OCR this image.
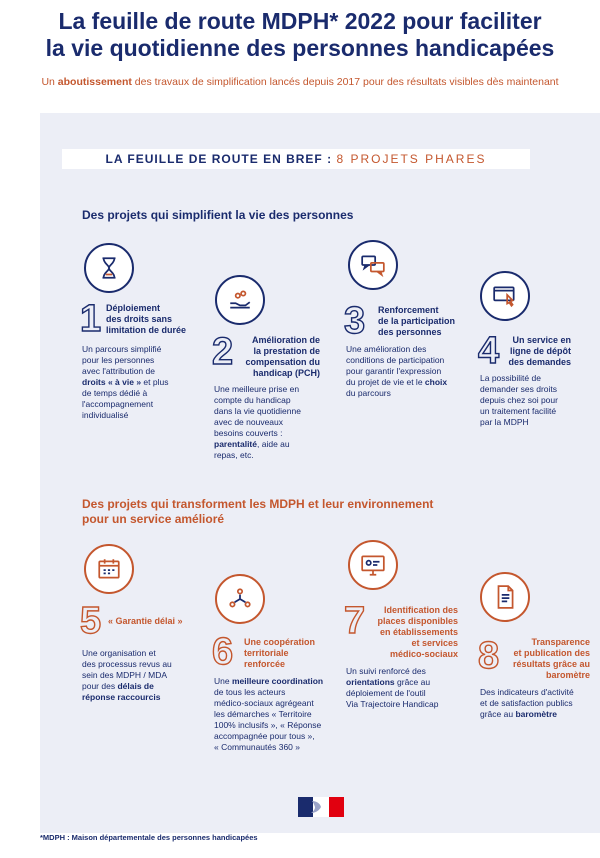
La feuille de route MDPH* 2022 pour faciliter
la vie quotidienne des personnes handicapées
Un aboutissement des travaux de simplification lancés depuis 2017 pour des résultats visibles dès maintenant
LA FEUILLE DE ROUTE EN BREF : 8 PROJETS PHARES
Des projets qui simplifient la vie des personnes
Des projets qui transforment les MDPH et leur environnement
pour un service amélioré
1 Déploiement
des droits sans
limitation de durée
Un parcours simplifié
pour les personnes
avec l'attribution de
droits « à vie » et plus
de temps dédié à
l'accompagnement
individualisé
2	Amélioration de
la prestation de
compensation du
handicap (PCH)
Une meilleure prise en
compte du handicap
dans la vie quotidienne
avec de nouveaux
besoins couverts :
parentalité, aide au
repas, etc.
3 Renforcement
de la participation
des personnes
Une amélioration des
conditions de participation
pour garantir l'expression
du projet de vie et le choix
du parcours
4	Un service en
ligne de dépôt
des demandes
La possibilité de
demander ses droits
depuis chez soi pour
un traitement facilité
par la MDPH
5 « Garantie délai »
Une organisation et
des processus revus au
sein des MDPH / MDA
pour des délais de
réponse raccourcis
6 Une coopération
territoriale
renforcée
Une meilleure coordination
de tous les acteurs
médico-sociaux agrégeant
les démarches « Territoire
100% inclusifs », « Réponse
accompagnée pour tous »,
« Communautés 360 »
7	Identification des
places disponibles
en établissements
et services
médico-sociaux
Un suivi renforcé des
orientations grâce au
déploiement de l'outil
Via Trajectoire Handicap
8	Transparence
et publication des
résultats grâce au
baromètre
Des indicateurs d'activité
et de satisfaction publics
grâce au baromètre
*MDPH : Maison départementale des personnes handicapées
